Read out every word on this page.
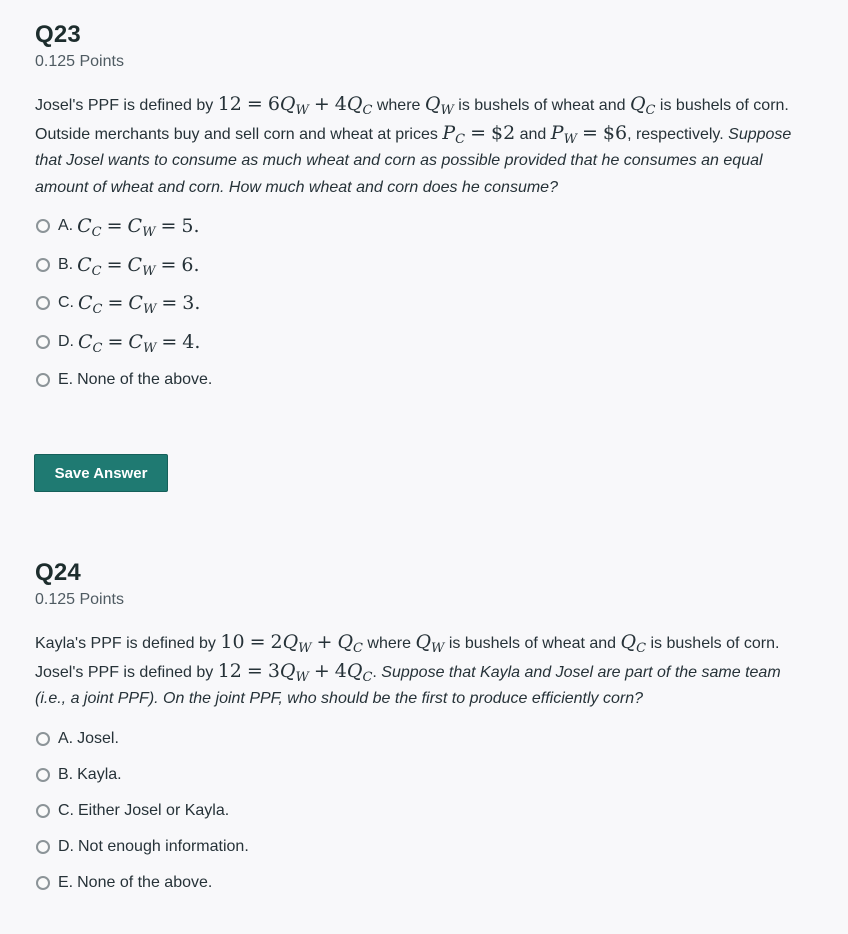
Q23
0.125 Points
Josel's PPF is defined by $12 = 6Q_W + 4Q_C$ where $Q_W$ is bushels of wheat and $Q_C$ is bushels of corn. Outside merchants buy and sell corn and wheat at prices $P_C$ = $2 and $P_W$ = $6, respectively. Suppose that Josel wants to consume as much wheat and corn as possible provided that he consumes an equal amount of wheat and corn. How much wheat and corn does he consume?
A. $C_C = C_W = 5$.
B. $C_C = C_W = 6$.
C. $C_C = C_W = 3$.
D. $C_C = C_W = 4$.
E. None of the above.
Save Answer
Q24
0.125 Points
Kayla's PPF is defined by $10 = 2Q_W + Q_C$ where $Q_W$ is bushels of wheat and $Q_C$ is bushels of corn. Josel's PPF is defined by $12 = 3Q_W + 4Q_C$. Suppose that Kayla and Josel are part of the same team (i.e., a joint PPF). On the joint PPF, who should be the first to produce efficiently corn?
A. Josel.
B. Kayla.
C. Either Josel or Kayla.
D. Not enough information.
E. None of the above.
